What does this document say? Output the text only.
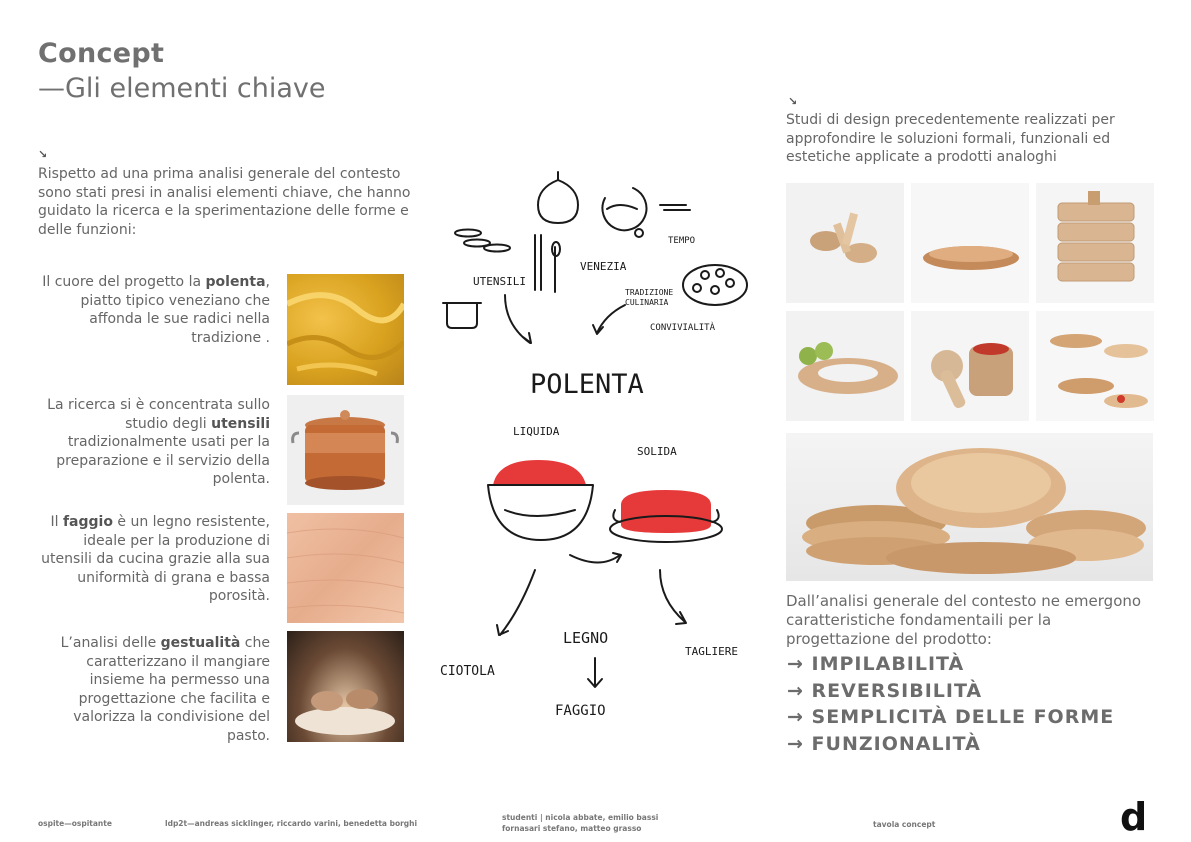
Concept
—Gli elementi chiave
↘
Rispetto ad una prima analisi generale del contesto sono stati presi in analisi elementi chiave, che hanno guidato la ricerca e la sperimentazione delle forme e delle funzioni:
Il cuore del progetto la polenta, piatto tipico veneziano che affonda le sue radici nella tradizione .
La ricerca si è concentrata sullo studio degli utensili tradizionalmente usati per la preparazione e il servizio della polenta.
Il faggio è un legno resistente, ideale per la produzione di utensili da cucina grazie alla sua uniformità di grana e bassa porosità.
L’analisi delle gestualità che caratterizzano il mangiare insieme ha permesso una progettazione che facilita e valorizza la condivisione del pasto.
TEMPO
UTENSILI
VENEZIA
TRADIZIONE
CULINARIA
CONVIVIALITÀ
POLENTA
LIQUIDA
SOLIDA
CIOTOLA
TAGLIERE
LEGNO
FAGGIO
↘
Studi di design precedentemente realizzati per approfondire le soluzioni formali, funzionali ed estetiche applicate a prodotti analoghi
Dall’analisi generale del contesto ne emergono caratteristiche fondamentaili per la progettazione del prodotto:
→ IMPILABILITÀ
→ REVERSIBILITÀ
→ SEMPLICITÀ DELLE FORME
→ FUNZIONALITÀ
ospite—ospitante	ldp2t—andreas sicklinger, riccardo varini, benedetta borghi
studenti | nicola abbate, emilio bassi
fornasari stefano, matteo grasso	tavola concept	d
